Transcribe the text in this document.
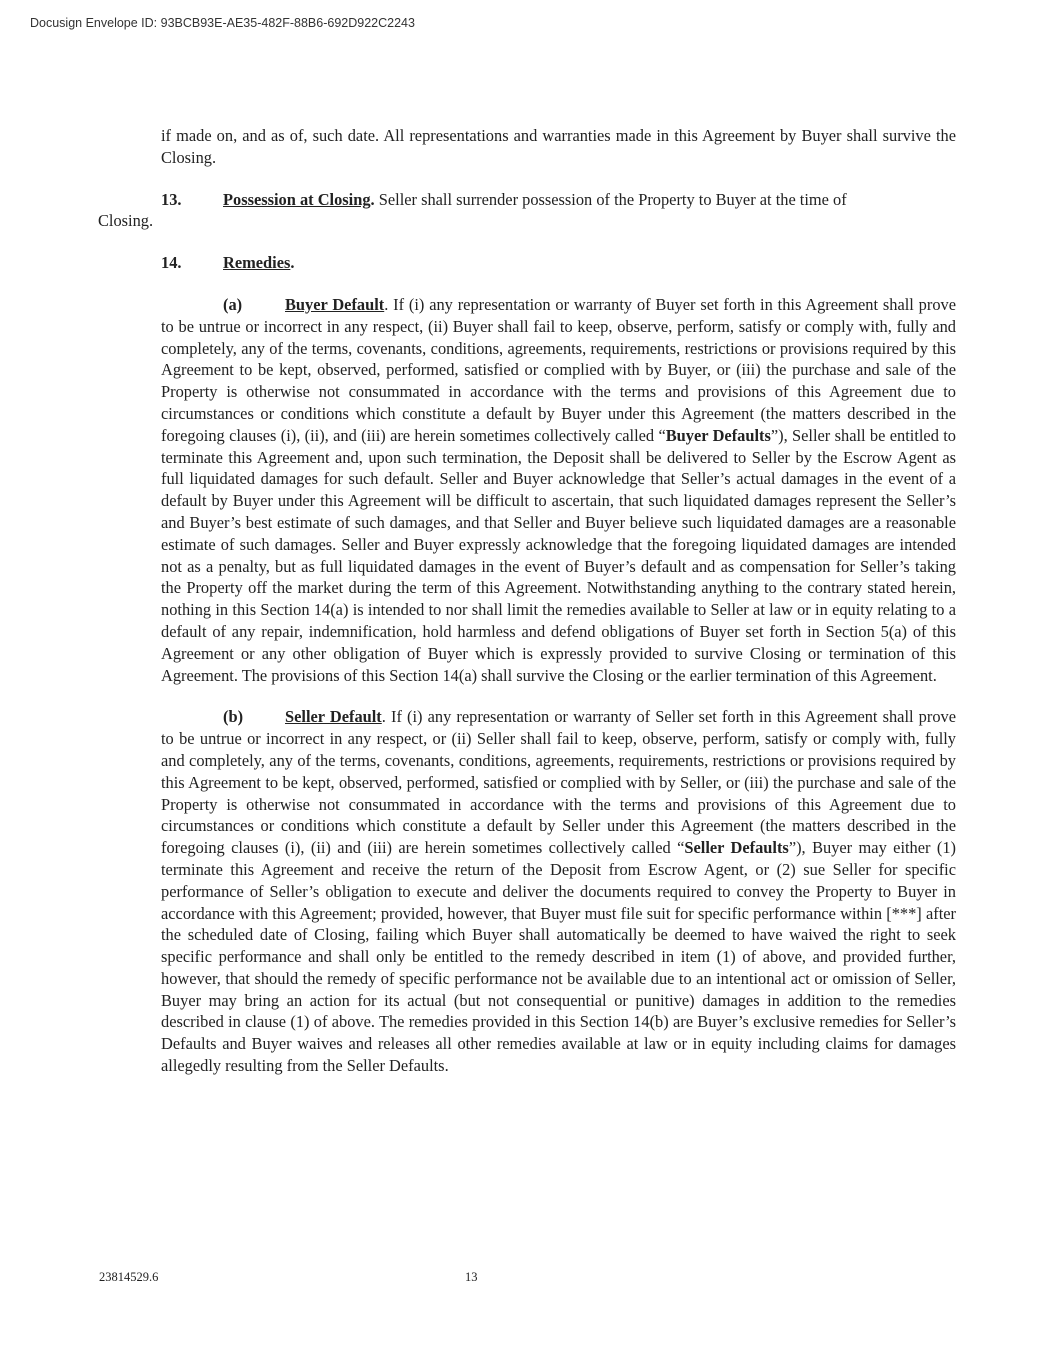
Docusign Envelope ID: 93BCB93E-AE35-482F-88B6-692D922C2243

if made on, and as of, such date. All representations and warranties made in this Agreement by Buyer shall survive the Closing.

13.	Possession at Closing. Seller shall surrender possession of the Property to Buyer at the time of
Closing.

14.	Remedies.

(a)	Buyer Default. If (i) any representation or warranty of Buyer set forth in this Agreement shall prove to be untrue or incorrect in any respect, (ii) Buyer shall fail to keep, observe, perform, satisfy or comply with, fully and completely, any of the terms, covenants, conditions, agreements, requirements, restrictions or provisions required by this Agreement to be kept, observed, performed, satisfied or complied with by Buyer, or (iii) the purchase and sale of the Property is otherwise not consummated in accordance with the terms and provisions of this Agreement due to circumstances or conditions which constitute a default by Buyer under this Agreement (the matters described in the foregoing clauses (i), (ii), and (iii) are herein sometimes collectively called “Buyer Defaults”), Seller shall be entitled to terminate this Agreement and, upon such termination, the Deposit shall be delivered to Seller by the Escrow Agent as full liquidated damages for such default. Seller and Buyer acknowledge that Seller’s actual damages in the event of a default by Buyer under this Agreement will be difficult to ascertain, that such liquidated damages represent the Seller’s and Buyer’s best estimate of such damages, and that Seller and Buyer believe such liquidated damages are a reasonable estimate of such damages. Seller and Buyer expressly acknowledge that the foregoing liquidated damages are intended not as a penalty, but as full liquidated damages in the event of Buyer’s default and as compensation for Seller’s taking the Property off the market during the term of this Agreement. Notwithstanding anything to the contrary stated herein, nothing in this Section 14(a) is intended to nor shall limit the remedies available to Seller at law or in equity relating to a default of any repair, indemnification, hold harmless and defend obligations of Buyer set forth in Section 5(a) of this Agreement or any other obligation of Buyer which is expressly provided to survive Closing or termination of this Agreement. The provisions of this Section 14(a) shall survive the Closing or the earlier termination of this Agreement.

(b)	Seller Default. If (i) any representation or warranty of Seller set forth in this Agreement shall prove to be untrue or incorrect in any respect, or (ii) Seller shall fail to keep, observe, perform, satisfy or comply with, fully and completely, any of the terms, covenants, conditions, agreements, requirements, restrictions or provisions required by this Agreement to be kept, observed, performed, satisfied or complied with by Seller, or (iii) the purchase and sale of the Property is otherwise not consummated in accordance with the terms and provisions of this Agreement due to circumstances or conditions which constitute a default by Seller under this Agreement (the matters described in the foregoing clauses (i), (ii) and (iii) are herein sometimes collectively called “Seller Defaults”), Buyer may either (1) terminate this Agreement and receive the return of the Deposit from Escrow Agent, or (2) sue Seller for specific performance of Seller’s obligation to execute and deliver the documents required to convey the Property to Buyer in accordance with this Agreement; provided, however, that Buyer must file suit for specific performance within [***] after the scheduled date of Closing, failing which Buyer shall automatically be deemed to have waived the right to seek specific performance and shall only be entitled to the remedy described in item (1) of above, and provided further, however, that should the remedy of specific performance not be available due to an intentional act or omission of Seller, Buyer may bring an action for its actual (but not consequential or punitive) damages in addition to the remedies described in clause (1) of above. The remedies provided in this Section 14(b) are Buyer’s exclusive remedies for Seller’s Defaults and Buyer waives and releases all other remedies available at law or in equity including claims for damages allegedly resulting from the Seller Defaults.

23814529.6	13
